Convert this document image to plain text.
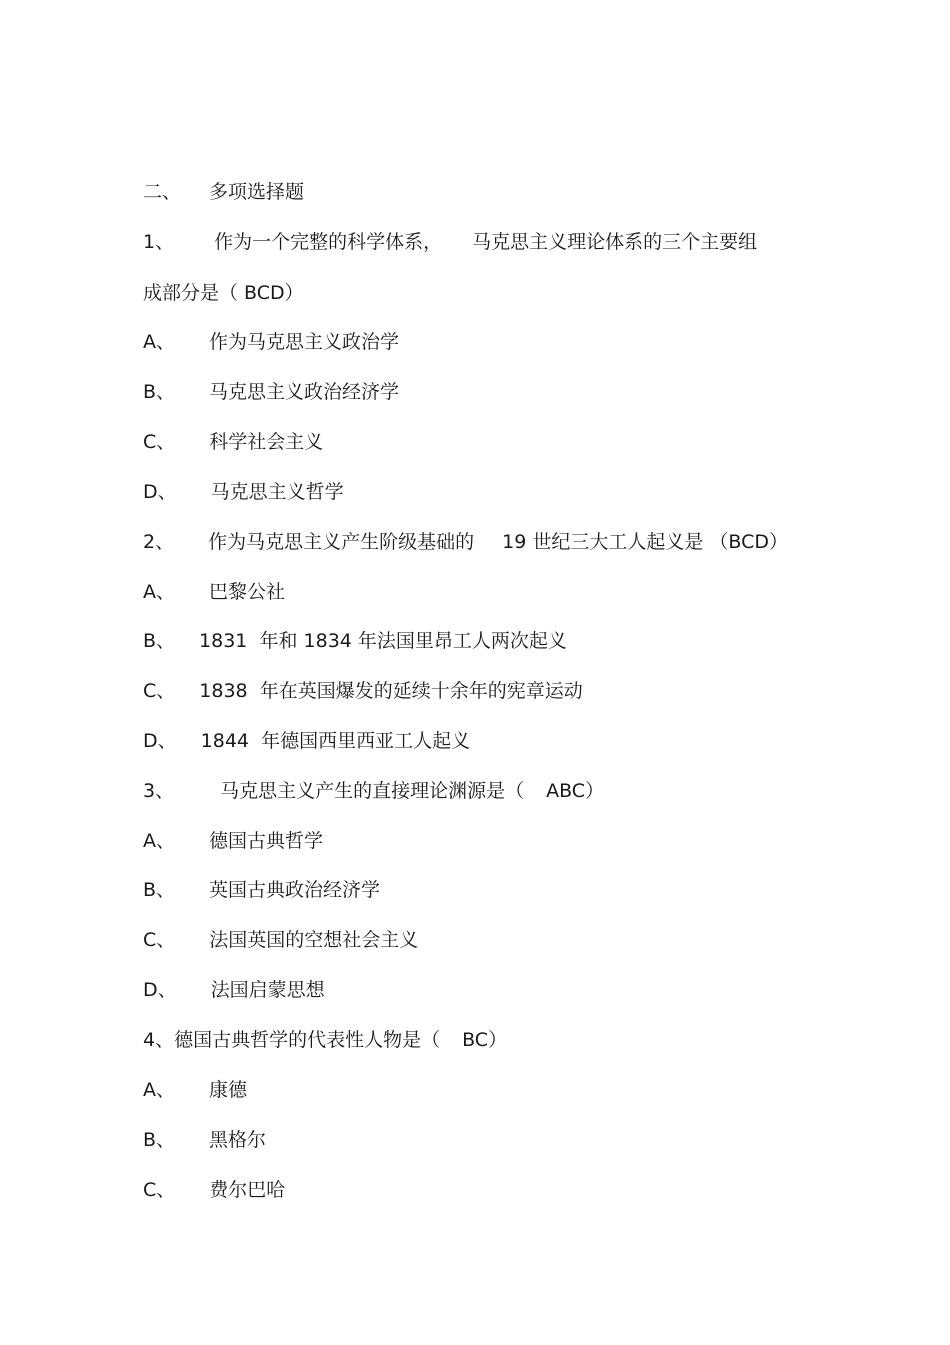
二、 多项选择题
1、 作为一个完整的科学体系， 马克思主义理论体系的三个主要组
成部分是（ BCD）
A、 作为马克思主义政治学
B、 马克思主义政治经济学
C、 科学社会主义
D、 马克思主义哲学
2、 作为马克思主义产生阶级基础的 19 世纪三大工人起义是 （BCD）
A、 巴黎公社
B、 1831  年和 1834 年法国里昂工人两次起义
C、 1838  年在英国爆发的延续十余年的宪章运动
D、 1844  年德国西里西亚工人起义
3、 马克思主义产生的直接理论渊源是（ ABC）
A、 德国古典哲学
B、 英国古典政治经济学
C、 法国英国的空想社会主义
D、 法国启蒙思想
4、德国古典哲学的代表性人物是（ BC）
A、 康德
B、 黑格尔
C、 费尔巴哈
